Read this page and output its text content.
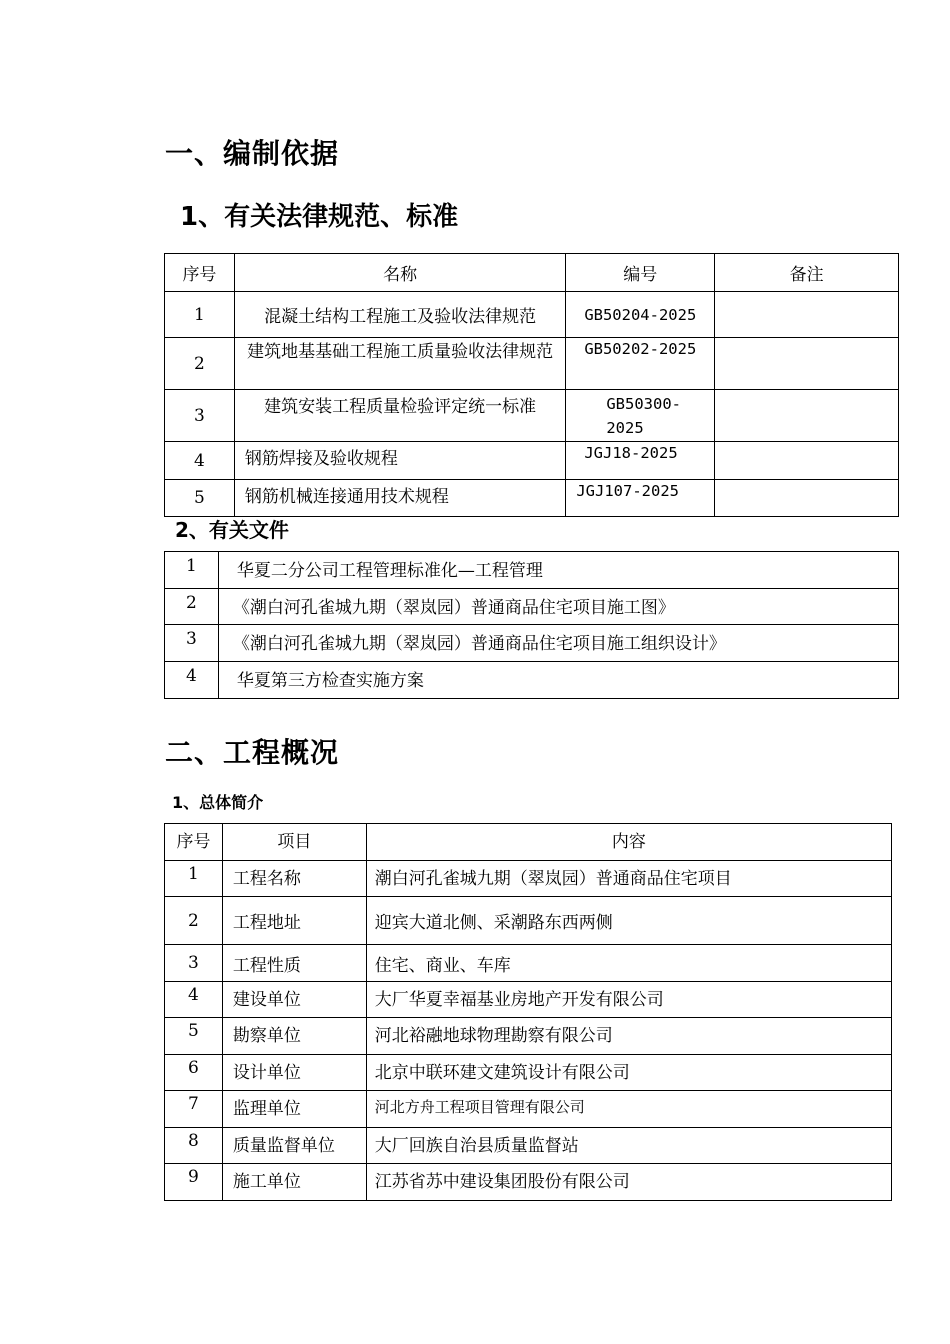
一、编制依据
1、有关法律规范、标准
序号	名称	编号	备注
1	混凝土结构工程施工及验收法律规范	GB50204-2025	
2	建筑地基基础工程施工质量验收法律规范	GB50202-2025	
3	建筑安装工程质量检验评定统一标准	GB50300-2025	
4	钢筋焊接及验收规程	JGJ18-2025	
5	钢筋机械连接通用技术规程	JGJ107-2025	
2、有关文件
1	华夏二分公司工程管理标准化—工程管理
2	《潮白河孔雀城九期（翠岚园）普通商品住宅项目施工图》
3	《潮白河孔雀城九期（翠岚园）普通商品住宅项目施工组织设计》
4	华夏第三方检查实施方案
二、工程概况
1、总体简介
序号	项目	内容
1	工程名称	潮白河孔雀城九期（翠岚园）普通商品住宅项目
2	工程地址	迎宾大道北侧、采潮路东西两侧
3	工程性质	住宅、商业、车库
4	建设单位	大厂华夏幸福基业房地产开发有限公司
5	勘察单位	河北裕融地球物理勘察有限公司
6	设计单位	北京中联环建文建筑设计有限公司
7	监理单位	河北方舟工程项目管理有限公司
8	质量监督单位	大厂回族自治县质量监督站
9	施工单位	江苏省苏中建设集团股份有限公司
